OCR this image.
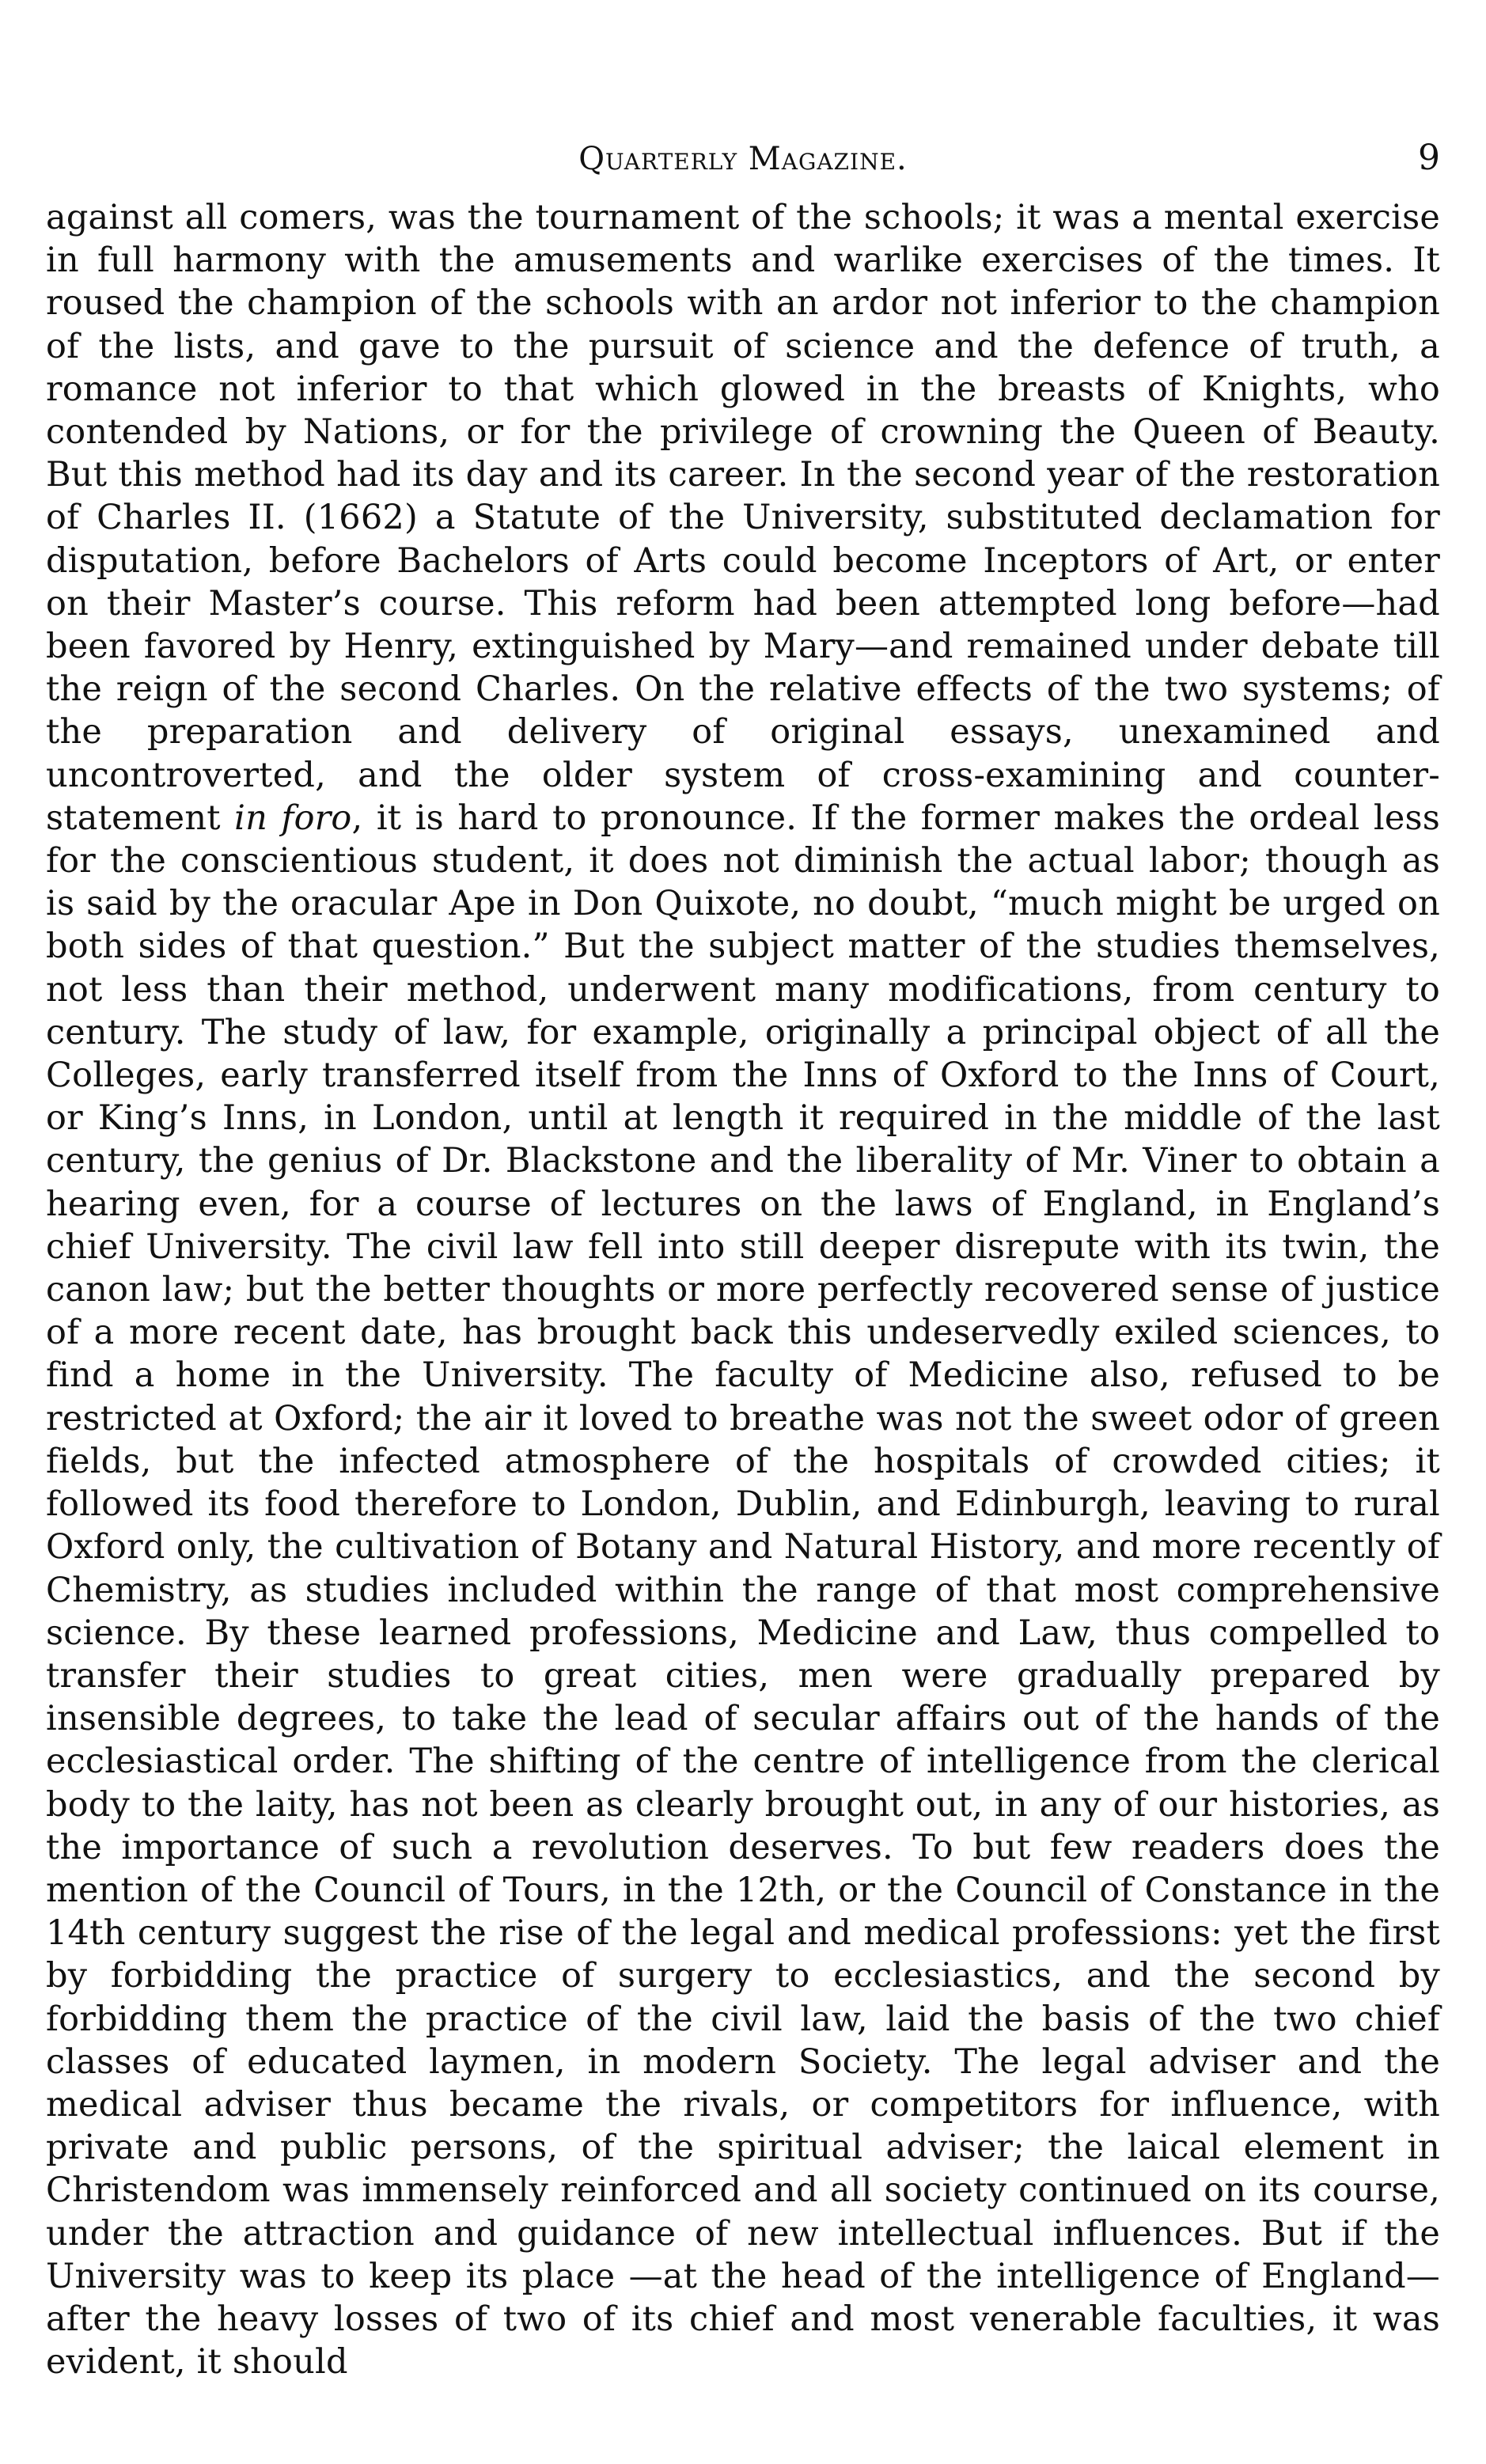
Quarterly Magazine.	9

against all comers, was the tournament of the schools; it was a mental exercise in full harmony with the amusements and warlike exercises of the times. It roused the champion of the schools with an ardor not inferior to the champion of the lists, and gave to the pursuit of science and the defence of truth, a romance not inferior to that which glowed in the breasts of Knights, who contended by Nations, or for the privilege of crowning the Queen of Beauty. But this method had its day and its career. In the second year of the restoration of Charles II. (1662) a Statute of the University, substituted declamation for disputation, before Bachelors of Arts could become Inceptors of Art, or enter on their Master’s course. This reform had been attempted long before—had been favored by Henry, extinguished by Mary—and remained under debate till the reign of the second Charles. On the relative effects of the two systems; of the preparation and delivery of original essays, unexamined and uncontroverted, and the older system of cross-examining and counter-statement in foro, it is hard to pronounce. If the former makes the ordeal less for the conscientious student, it does not diminish the actual labor; though as is said by the oracular Ape in Don Quixote, no doubt, “much might be urged on both sides of that question.” But the subject matter of the studies themselves, not less than their method, underwent many modifications, from century to century. The study of law, for example, originally a principal object of all the Colleges, early transferred itself from the Inns of Oxford to the Inns of Court, or King’s Inns, in London, until at length it required in the middle of the last century, the genius of Dr. Blackstone and the liberality of Mr. Viner to obtain a hearing even, for a course of lectures on the laws of England, in England’s chief University. The civil law fell into still deeper disrepute with its twin, the canon law; but the better thoughts or more perfectly recovered sense of justice of a more recent date, has brought back this undeservedly exiled sciences, to find a home in the University. The faculty of Medicine also, refused to be restricted at Oxford; the air it loved to breathe was not the sweet odor of green fields, but the infected atmosphere of the hospitals of crowded cities; it followed its food therefore to London, Dublin, and Edinburgh, leaving to rural Oxford only, the cultivation of Botany and Natural History, and more recently of Chemistry, as studies included within the range of that most comprehensive science. By these learned professions, Medicine and Law, thus compelled to transfer their studies to great cities, men were gradually prepared by insensible degrees, to take the lead of secular affairs out of the hands of the ecclesiastical order. The shifting of the centre of intelligence from the clerical body to the laity, has not been as clearly brought out, in any of our histories, as the importance of such a revolution deserves. To but few readers does the mention of the Council of Tours, in the 12th, or the Council of Constance in the 14th century suggest the rise of the legal and medical professions: yet the first by forbidding the practice of surgery to ecclesiastics, and the second by forbidding them the practice of the civil law, laid the basis of the two chief classes of educated laymen, in modern Society. The legal adviser and the medical adviser thus became the rivals, or competitors for influence, with private and public persons, of the spiritual adviser; the laical element in Christendom was immensely reinforced and all society continued on its course, under the attraction and guidance of new intellectual influences. But if the University was to keep its place —at the head of the intelligence of England—after the heavy losses of two of its chief and most venerable faculties, it was evident, it should
